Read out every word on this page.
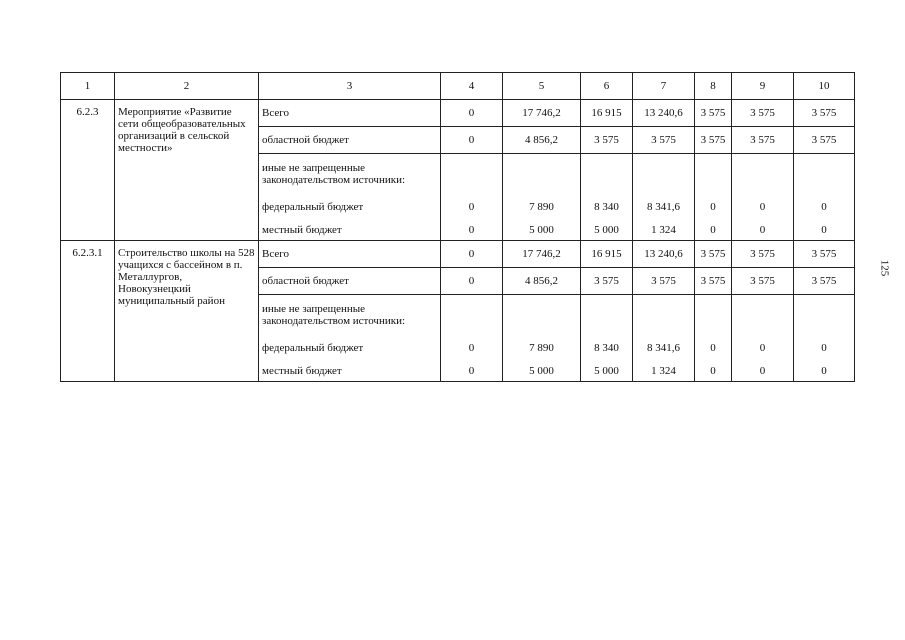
1	2	3	4	5	6	7	8	9	10
6.2.3	Мероприятие «Развитие сети общеобразовательных организаций в сельской местности»	Всего	0	17 746,2	16 915	13 240,6	3 575	3 575	3 575
		областной бюджет	0	4 856,2	3 575	3 575	3 575	3 575	3 575
		иные не запрещенные законодательством источники:							
		федеральный бюджет	0	7 890	8 340	8 341,6	0	0	0
		местный бюджет	0	5 000	5 000	1 324	0	0	0
6.2.3.1	Строительство школы на 528 учащихся с бассейном в п. Металлургов, Новокузнецкий муниципальный район	Всего	0	17 746,2	16 915	13 240,6	3 575	3 575	3 575
		областной бюджет	0	4 856,2	3 575	3 575	3 575	3 575	3 575
		иные не запрещенные законодательством источники:							
		федеральный бюджет	0	7 890	8 340	8 341,6	0	0	0
		местный бюджет	0	5 000	5 000	1 324	0	0	0
125
